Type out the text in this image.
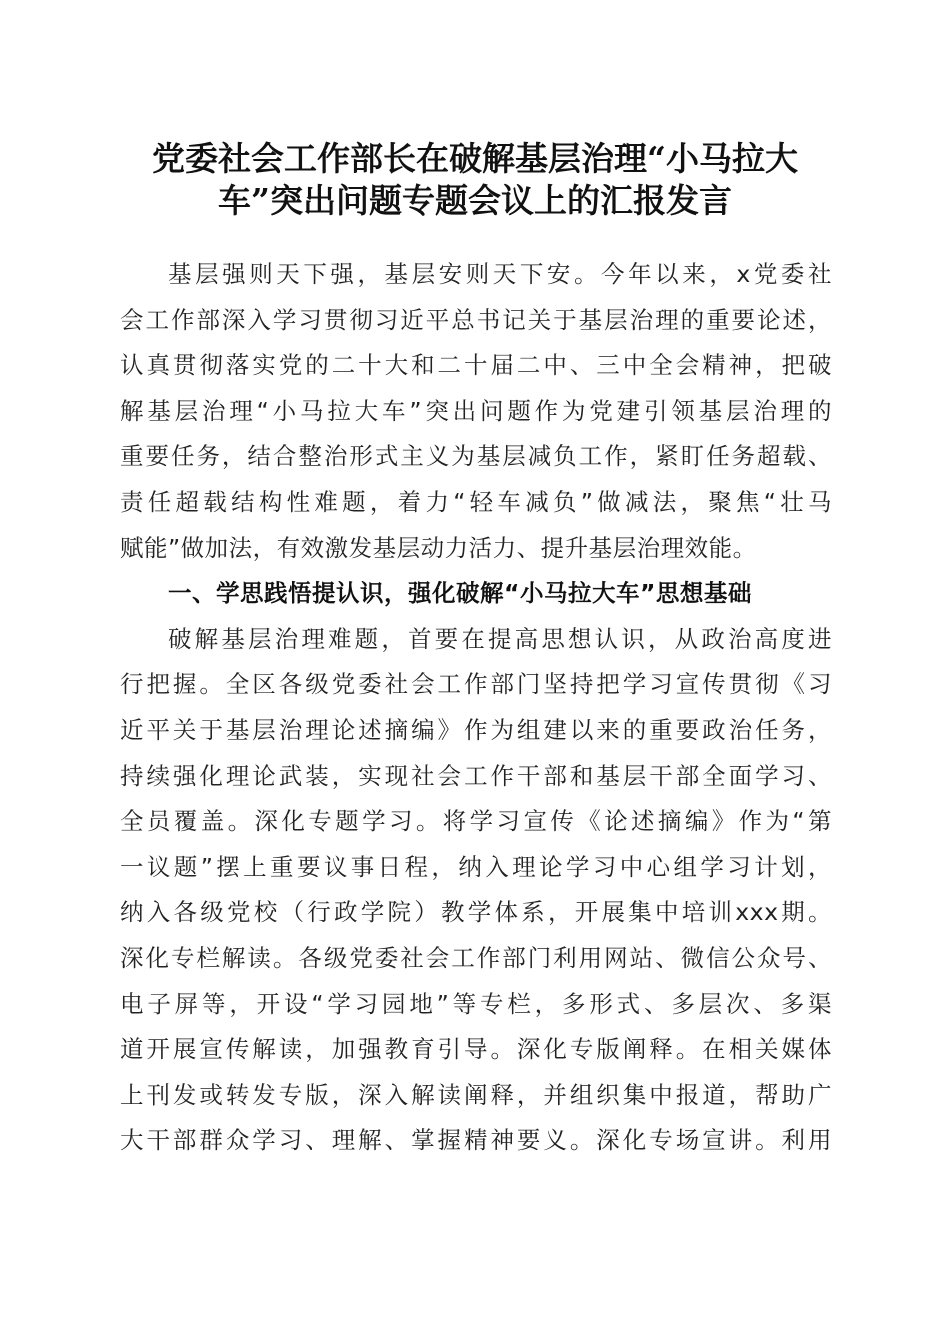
党委社会工作部长在破解基层治理“小马拉大
车”突出问题专题会议上的汇报发言
基层强则天下强，基层安则天下安。今年以来，x党委社
会工作部深入学习贯彻习近平总书记关于基层治理的重要论述，
认真贯彻落实党的二十大和二十届二中、三中全会精神，把破
解基层治理“小马拉大车”突出问题作为党建引领基层治理的
重要任务，结合整治形式主义为基层减负工作，紧盯任务超载、
责任超载结构性难题，着力“轻车减负”做减法，聚焦“壮马
赋能”做加法，有效激发基层动力活力、提升基层治理效能。
一、学思践悟提认识，强化破解“小马拉大车”思想基础
破解基层治理难题，首要在提高思想认识，从政治高度进
行把握。全区各级党委社会工作部门坚持把学习宣传贯彻《习
近平关于基层治理论述摘编》作为组建以来的重要政治任务，
持续强化理论武装，实现社会工作干部和基层干部全面学习、
全员覆盖。深化专题学习。将学习宣传《论述摘编》作为“第
一议题”摆上重要议事日程，纳入理论学习中心组学习计划，
纳入各级党校（行政学院）教学体系，开展集中培训xxx期。
深化专栏解读。各级党委社会工作部门利用网站、微信公众号、
电子屏等，开设“学习园地”等专栏，多形式、多层次、多渠
道开展宣传解读，加强教育引导。深化专版阐释。在相关媒体
上刊发或转发专版，深入解读阐释，并组织集中报道，帮助广
大干部群众学习、理解、掌握精神要义。深化专场宣讲。利用
